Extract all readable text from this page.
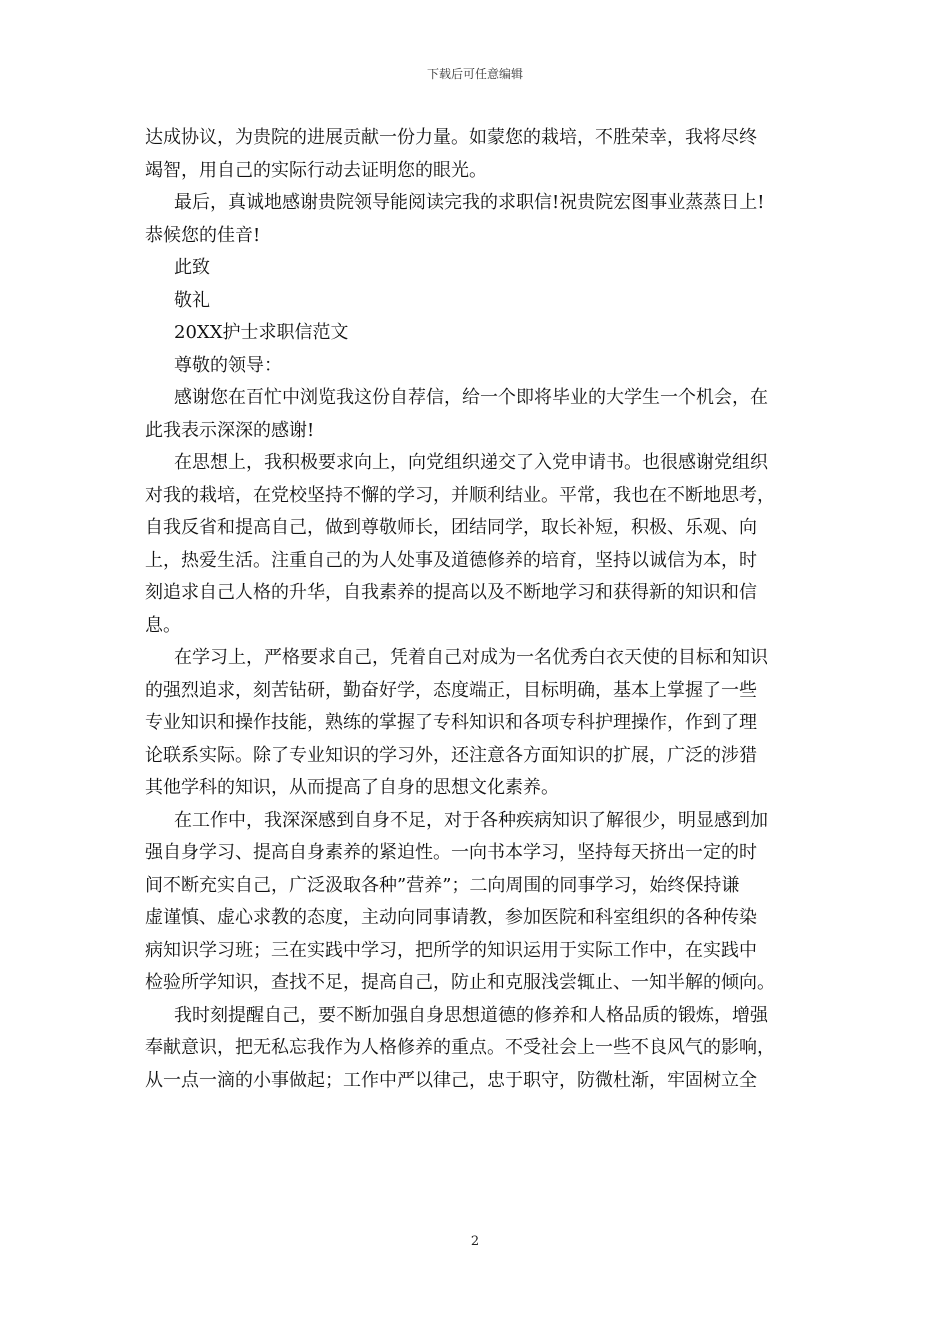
下载后可任意编辑
达成协议，为贵院的进展贡献一份力量。如蒙您的栽培，不胜荣幸，我将尽终
竭智，用自己的实际行动去证明您的眼光。
最后，真诚地感谢贵院领导能阅读完我的求职信!祝贵院宏图事业蒸蒸日上!
恭候您的佳音!
此致
敬礼
20XX护士求职信范文
尊敬的领导：
感谢您在百忙中浏览我这份自荐信，给一个即将毕业的大学生一个机会，在
此我表示深深的感谢!
在思想上，我积极要求向上，向党组织递交了入党申请书。也很感谢党组织
对我的栽培，在党校坚持不懈的学习，并顺利结业。平常，我也在不断地思考，
自我反省和提高自己，做到尊敬师长，团结同学，取长补短，积极、乐观、向
上，热爱生活。注重自己的为人处事及道德修养的培育，坚持以诚信为本，时
刻追求自己人格的升华，自我素养的提高以及不断地学习和获得新的知识和信
息。
在学习上，严格要求自己，凭着自己对成为一名优秀白衣天使的目标和知识
的强烈追求，刻苦钻研，勤奋好学，态度端正，目标明确，基本上掌握了一些
专业知识和操作技能，熟练的掌握了专科知识和各项专科护理操作，作到了理
论联系实际。除了专业知识的学习外，还注意各方面知识的扩展，广泛的涉猎
其他学科的知识，从而提高了自身的思想文化素养。
在工作中，我深深感到自身不足，对于各种疾病知识了解很少，明显感到加
强自身学习、提高自身素养的紧迫性。一向书本学习，坚持每天挤出一定的时
间不断充实自己，广泛汲取各种”营养”；二向周围的同事学习，始终保持谦
虚谨慎、虚心求教的态度，主动向同事请教，参加医院和科室组织的各种传染
病知识学习班；三在实践中学习，把所学的知识运用于实际工作中，在实践中
检验所学知识，查找不足，提高自己，防止和克服浅尝辄止、一知半解的倾向。
我时刻提醒自己，要不断加强自身思想道德的修养和人格品质的锻炼，增强
奉献意识，把无私忘我作为人格修养的重点。不受社会上一些不良风气的影响，
从一点一滴的小事做起；工作中严以律己，忠于职守，防微杜渐，牢固树立全
2
